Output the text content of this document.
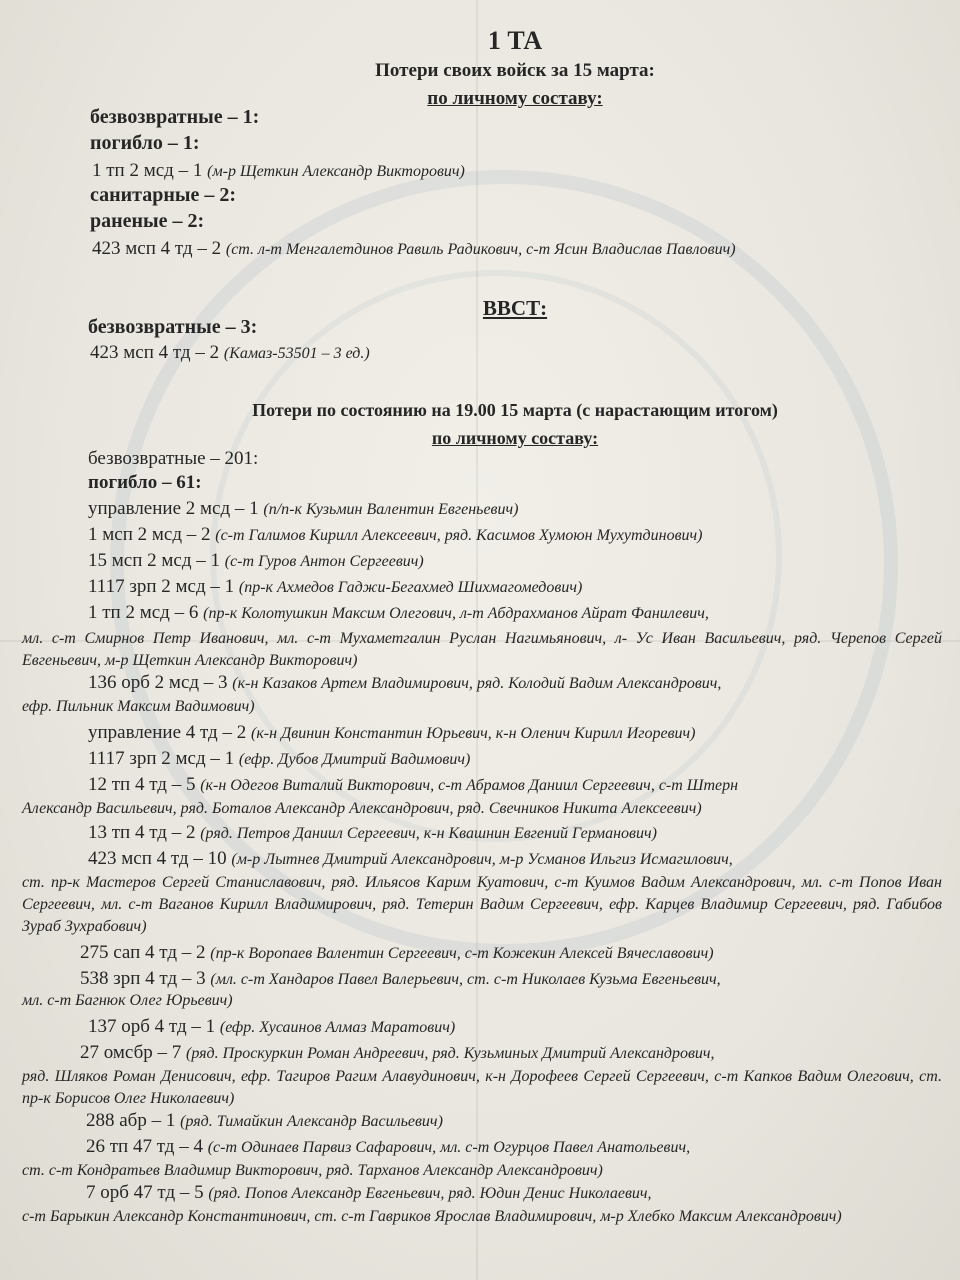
1 ТА
Потери своих войск за 15 марта:
по личному составу:
безвозвратные – 1:
погибло – 1:
1 тп 2 мсд – 1 (м-р Щеткин Александр Викторович)
санитарные – 2:
раненые – 2:
423 мсп 4 тд – 2 (ст. л-т Менгалетдинов Равиль Радикович, с-т Ясин Владислав Павлович)
ВВСТ:
безвозвратные – 3:
423 мсп 4 тд – 2 (Камаз-53501 – 3 ед.)
Потери по состоянию на 19.00 15 марта (с нарастающим итогом)
по личному составу:
безвозвратные – 201:
погибло – 61:
управление 2 мсд – 1 (п/п-к Кузьмин Валентин Евгеньевич)
1 мсп 2 мсд – 2 (с-т Галимов Кирилл Алексеевич, ряд. Касимов Хумоюн Мухутдинович)
15 мсп 2 мсд – 1 (с-т Гуров Антон Сергеевич)
1117 зрп 2 мсд – 1 (пр-к Ахмедов Гаджи-Бегахмед Шихмагомедович)
1 тп 2 мсд – 6 (пр-к Колотушкин Максим Олегович, л-т Абдрахманов Айрат Фанилевич,
мл. с-т Смирнов Петр Иванович, мл. с-т Мухаметгалин Руслан Нагимьянович, л- Ус Иван Васильевич, ряд. Черепов Сергей Евгеньевич, м-р Щеткин Александр Викторович)
136 орб 2 мсд – 3 (к-н Казаков Артем Владимирович, ряд. Колодий Вадим Александрович,
ефр. Пильник Максим Вадимович)
управление 4 тд – 2 (к-н Двинин Константин Юрьевич, к-н Оленич Кирилл Игоревич)
1117 зрп 2 мсд – 1 (ефр. Дубов Дмитрий Вадимович)
12 тп 4 тд – 5 (к-н Одегов Виталий Викторович, с-т Абрамов Даниил Сергеевич, с-т Штерн
Александр Васильевич, ряд. Боталов Александр Александрович, ряд. Свечников Никита Алексеевич)
13 тп 4 тд – 2 (ряд. Петров Даниил Сергеевич, к-н Квашнин Евгений Германович)
423 мсп 4 тд – 10 (м-р Лытнев Дмитрий Александрович, м-р Усманов Ильгиз Исмагилович,
ст. пр-к Мастеров Сергей Станиславович, ряд. Ильясов Карим Куатович, с-т Куимов Вадим Александрович, мл. с-т Попов Иван Сергеевич, мл. с-т Ваганов Кирилл Владимирович, ряд. Тетерин Вадим Сергеевич, ефр. Карцев Владимир Сергеевич, ряд. Габибов Зураб Зухрабович)
275 сап 4 тд – 2 (пр-к Воропаев Валентин Сергеевич, с-т Кожекин Алексей Вячеславович)
538 зрп 4 тд – 3 (мл. с-т Хандаров Павел Валерьевич, ст. с-т Николаев Кузьма Евгеньевич,
мл. с-т Багнюк Олег Юрьевич)
137 орб 4 тд – 1 (ефр. Хусаинов Алмаз Маратович)
27 омсбр – 7 (ряд. Проскуркин Роман Андреевич, ряд. Кузьминых Дмитрий Александрович,
ряд. Шляков Роман Денисович, ефр. Тагиров Рагим Алавудинович, к-н Дорофеев Сергей Сергеевич, с-т Капков Вадим Олегович, ст. пр-к Борисов Олег Николаевич)
288 абр – 1 (ряд. Тимайкин Александр Васильевич)
26 тп 47 тд – 4 (с-т Одинаев Парвиз Сафарович, мл. с-т Огурцов Павел Анатольевич,
ст. с-т Кондратьев Владимир Викторович, ряд. Тарханов Александр Александрович)
7 орб 47 тд – 5 (ряд. Попов Александр Евгеньевич, ряд. Юдин Денис Николаевич,
с-т Барыкин Александр Константинович, ст. с-т Гавриков Ярослав Владимирович, м-р Хлебко Максим Александрович)
